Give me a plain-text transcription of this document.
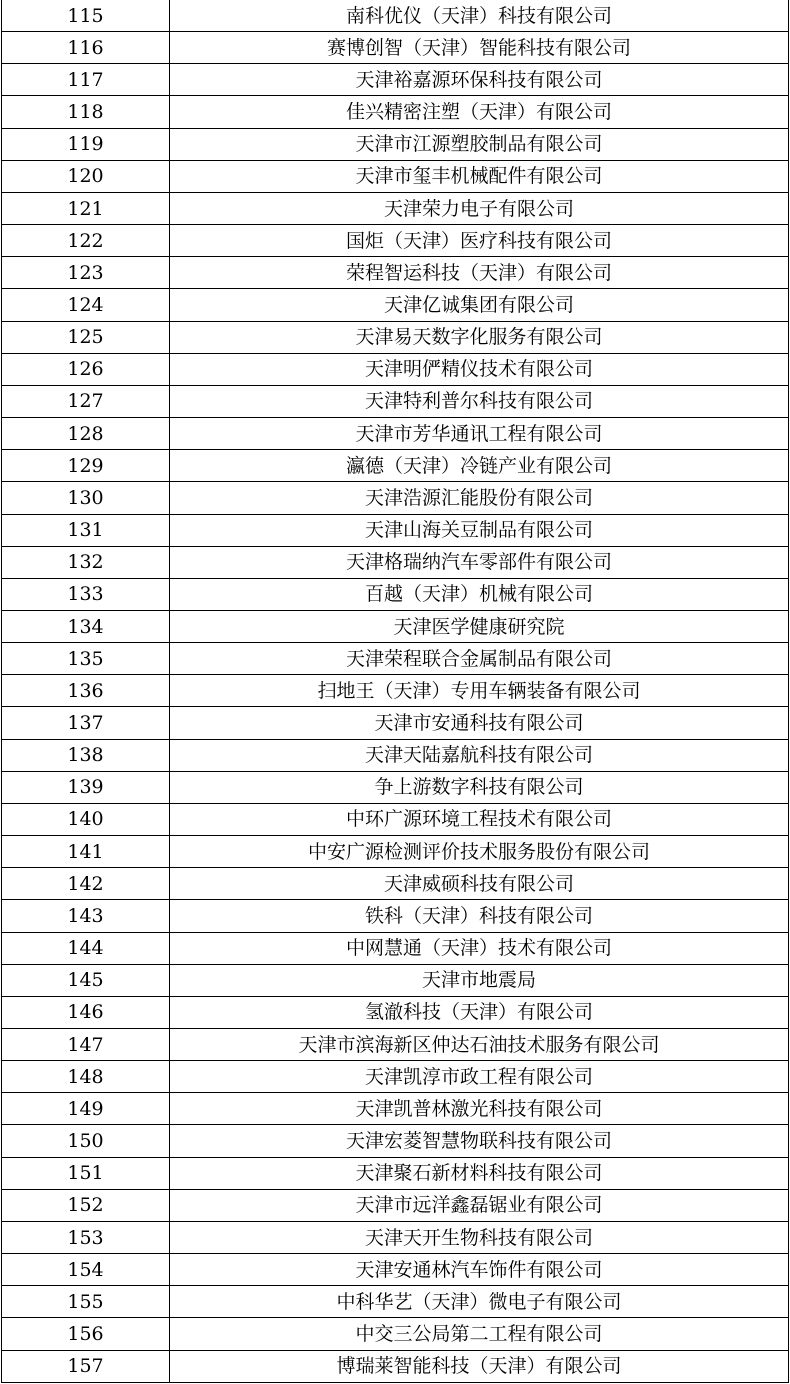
115	南科优仪（天津）科技有限公司
116	赛博创智（天津）智能科技有限公司
117	天津裕嘉源环保科技有限公司
118	佳兴精密注塑（天津）有限公司
119	天津市江源塑胶制品有限公司
120	天津市玺丰机械配件有限公司
121	天津荣力电子有限公司
122	国炬（天津）医疗科技有限公司
123	荣程智运科技（天津）有限公司
124	天津亿诚集团有限公司
125	天津易天数字化服务有限公司
126	天津明俨精仪技术有限公司
127	天津特利普尔科技有限公司
128	天津市芳华通讯工程有限公司
129	瀛德（天津）冷链产业有限公司
130	天津浩源汇能股份有限公司
131	天津山海关豆制品有限公司
132	天津格瑞纳汽车零部件有限公司
133	百越（天津）机械有限公司
134	天津医学健康研究院
135	天津荣程联合金属制品有限公司
136	扫地王（天津）专用车辆装备有限公司
137	天津市安通科技有限公司
138	天津天陆嘉航科技有限公司
139	争上游数字科技有限公司
140	中环广源环境工程技术有限公司
141	中安广源检测评价技术服务股份有限公司
142	天津威硕科技有限公司
143	铁科（天津）科技有限公司
144	中网慧通（天津）技术有限公司
145	天津市地震局
146	氢澈科技（天津）有限公司
147	天津市滨海新区仲达石油技术服务有限公司
148	天津凯淳市政工程有限公司
149	天津凯普林激光科技有限公司
150	天津宏菱智慧物联科技有限公司
151	天津聚石新材料科技有限公司
152	天津市远洋鑫磊锯业有限公司
153	天津天开生物科技有限公司
154	天津安通林汽车饰件有限公司
155	中科华艺（天津）微电子有限公司
156	中交三公局第二工程有限公司
157	博瑞莱智能科技（天津）有限公司
